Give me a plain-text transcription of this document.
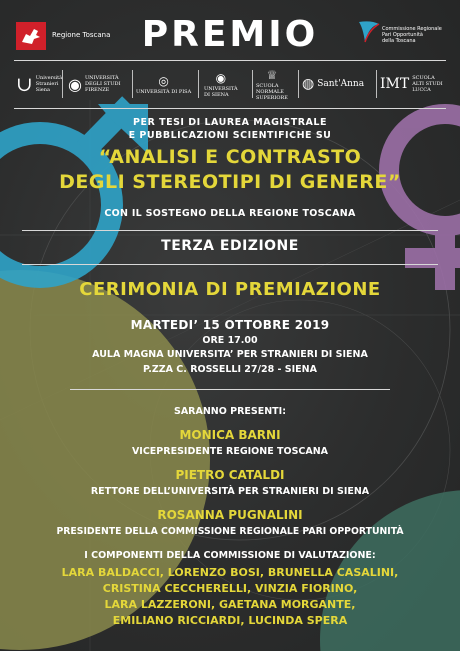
Regione Toscana PREMIO	Commissione Regionale
Pari Opportunità
della Toscana
∪ Università
Stranieri
Siena	◉ UNIVERSITÀ
DEGLI STUDI
FIRENZE
◎
UNIVERSITÀ DI PISA
◉
UNIVERSITÀ
DI SIENA
♕
SCUOLA
NORMALE
SUPERIORE
◍ Sant'Anna IMT SCUOLA
ALTI STUDI
LUCCA
PER TESI DI LAUREA MAGISTRALE
E PUBBLICAZIONI SCIENTIFICHE SU
“ANALISI E CONTRASTO
DEGLI STEREOTIPI DI GENERE”
CON IL SOSTEGNO DELLA REGIONE TOSCANA
TERZA EDIZIONE
CERIMONIA DI PREMIAZIONE
MARTEDI’ 15 OTTOBRE 2019
ORE 17.00
AULA MAGNA UNIVERSITA’ PER STRANIERI DI SIENA
P.ZZA C. ROSSELLI 27/28 - SIENA
SARANNO PRESENTI:
MONICA BARNI
VICEPRESIDENTE REGIONE TOSCANA
PIETRO CATALDI
RETTORE DELL’UNIVERSITÀ PER STRANIERI DI SIENA
ROSANNA PUGNALINI
PRESIDENTE DELLA COMMISSIONE REGIONALE PARI OPPORTUNITÀ
I COMPONENTI DELLA COMMISSIONE DI VALUTAZIONE:
LARA BALDACCI, LORENZO BOSI, BRUNELLA CASALINI,
CRISTINA CECCHERELLI, VINZIA FIORINO,
LARA LAZZERONI, GAETANA MORGANTE,
EMILIANO RICCIARDI, LUCINDA SPERA
